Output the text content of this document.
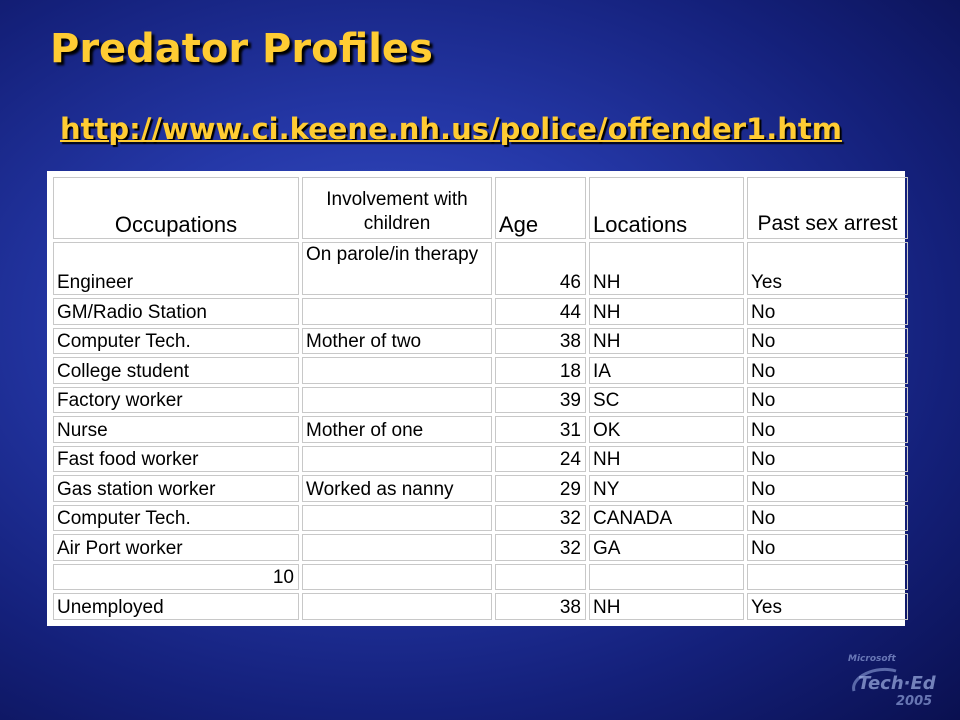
Predator Profiles
http://www.ci.keene.nh.us/police/offender1.htm
Occupations	Involvement with children	Age	Locations	Past sex arrest
Engineer	On parole/in therapy	46	NH	Yes
GM/Radio Station		44	NH	No
Computer Tech.	Mother of two	38	NH	No
College student		18	IA	No
Factory worker		39	SC	No
Nurse	Mother of one	31	OK	No
Fast food worker		24	NH	No
Gas station worker	Worked as nanny	29	NY	No
Computer Tech.		32	CANADA	No
Air Port worker		32	GA	No
10				
Unemployed		38	NH	Yes
Microsoft
Tech·Ed
2005
